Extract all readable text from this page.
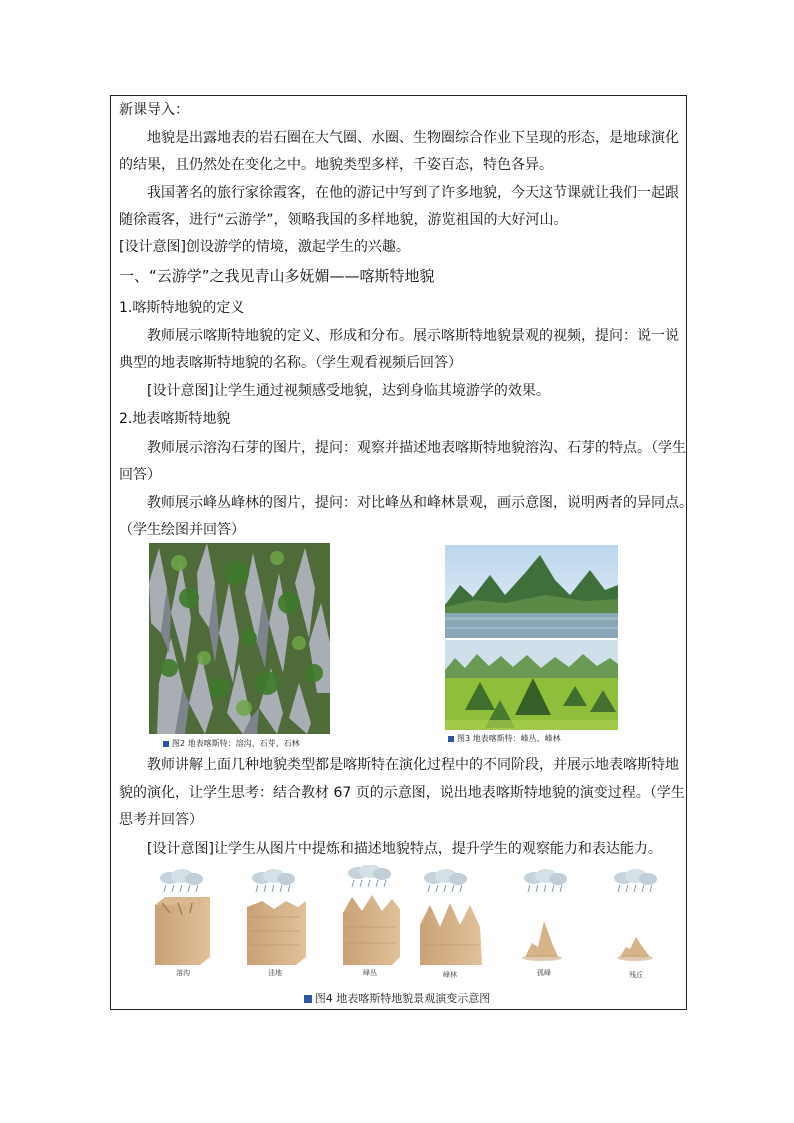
新课导入：
地貌是出露地表的岩石圈在大气圈、水圈、生物圈综合作业下呈现的形态，是地球演化
的结果，且仍然处在变化之中。地貌类型多样，千姿百态，特色各异。
我国著名的旅行家徐霞客，在他的游记中写到了许多地貌，今天这节课就让我们一起跟
随徐霞客，进行“云游学”，领略我国的多样地貌，游览祖国的大好河山。
[设计意图]创设游学的情境，激起学生的兴趣。
一、“云游学”之我见青山多妩媚——喀斯特地貌
1.喀斯特地貌的定义
教师展示喀斯特地貌的定义、形成和分布。展示喀斯特地貌景观的视频，提问：说一说
典型的地表喀斯特地貌的名称。（学生观看视频后回答）
[设计意图]让学生通过视频感受地貌，达到身临其境游学的效果。
2.地表喀斯特地貌
教师展示溶沟石芽的图片，提问：观察并描述地表喀斯特地貌溶沟、石芽的特点。（学生
回答）
教师展示峰丛峰林的图片，提问：对比峰丛和峰林景观，画示意图，说明两者的异同点。
（学生绘图并回答）
图2 地表喀斯特：溶沟、石芽、石林
图3 地表喀斯特：峰丛、峰林
教师讲解上面几种地貌类型都是喀斯特在演化过程中的不同阶段，并展示地表喀斯特地
貌的演化，让学生思考：结合教材 67 页的示意图，说出地表喀斯特地貌的演变过程。（学生
思考并回答）
[设计意图]让学生从图片中提炼和描述地貌特点，提升学生的观察能力和表达能力。
溶沟	洼地	峰丛	峰林	孤峰	残丘
图4 地表喀斯特地貌景观演变示意图
